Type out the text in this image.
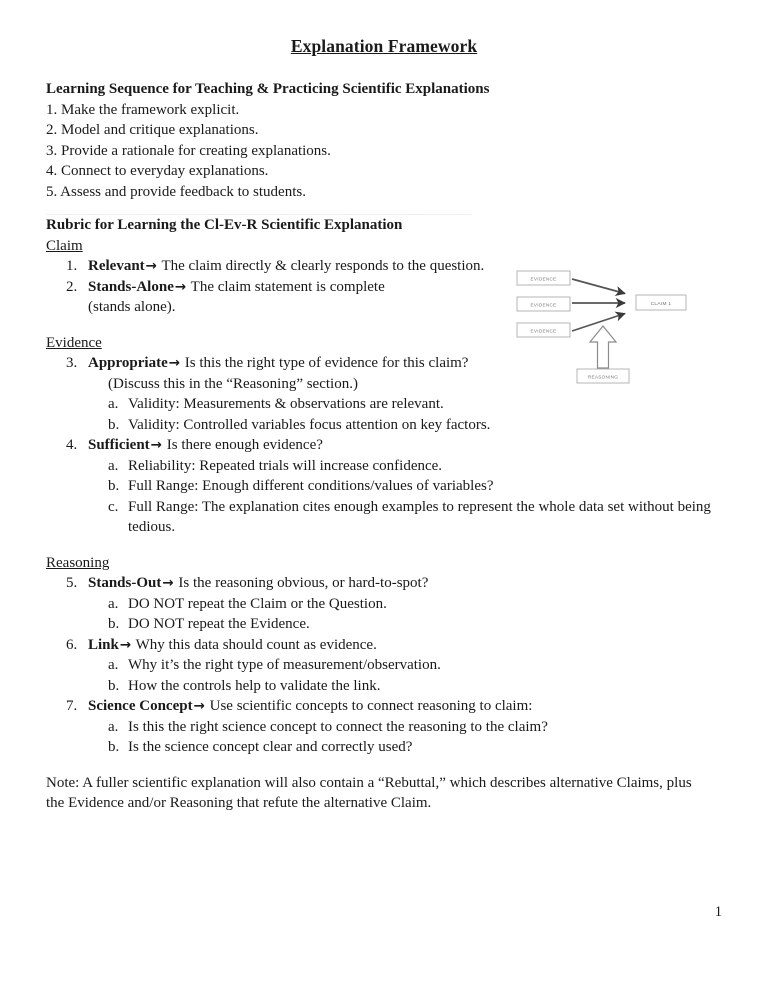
Explanation Framework

Learning Sequence for Teaching & Practicing Scientific Explanations

1. Make the framework explicit.

2. Model and critique explanations.

3. Provide a rationale for creating explanations.

4. Connect to everyday explanations.

5. Assess and provide feedback to students.

____________________________________________________________

Rubric for Learning the Cl-Ev-R Scientific Explanation

Claim

1. Relevant→ The claim directly & clearly responds to the question.

2. Stands-Alone→ The claim statement is complete (stands alone).

Evidence

3. Appropriate→ Is this the right type of evidence for this claim?

(Discuss this in the “Reasoning” section.)

a. Validity: Measurements & observations are relevant.

b. Validity: Controlled variables focus attention on key factors.

4. Sufficient→ Is there enough evidence?

a. Reliability: Repeated trials will increase confidence.

b. Full Range: Enough different conditions/values of variables?

c. Full Range: The explanation cites enough examples to represent the whole data set without being tedious.

Reasoning

5. Stands-Out→ Is the reasoning obvious, or hard-to-spot?

a. DO NOT repeat the Claim or the Question.

b. DO NOT repeat the Evidence.

6. Link→ Why this data should count as evidence.

a. Why it’s the right type of measurement/observation.

b. How the controls help to validate the link.

7. Science Concept→ Use scientific concepts to connect reasoning to claim:

a. Is this the right science concept to connect the reasoning to the claim?

b. Is the science concept clear and correctly used?

Note: A fuller scientific explanation will also contain a “Rebuttal,” which describes alternative Claims, plus the Evidence and/or Reasoning that refute the alternative Claim.

EVIDENCE
EVIDENCE
EVIDENCE
CLAIM 1
REASONING
1
